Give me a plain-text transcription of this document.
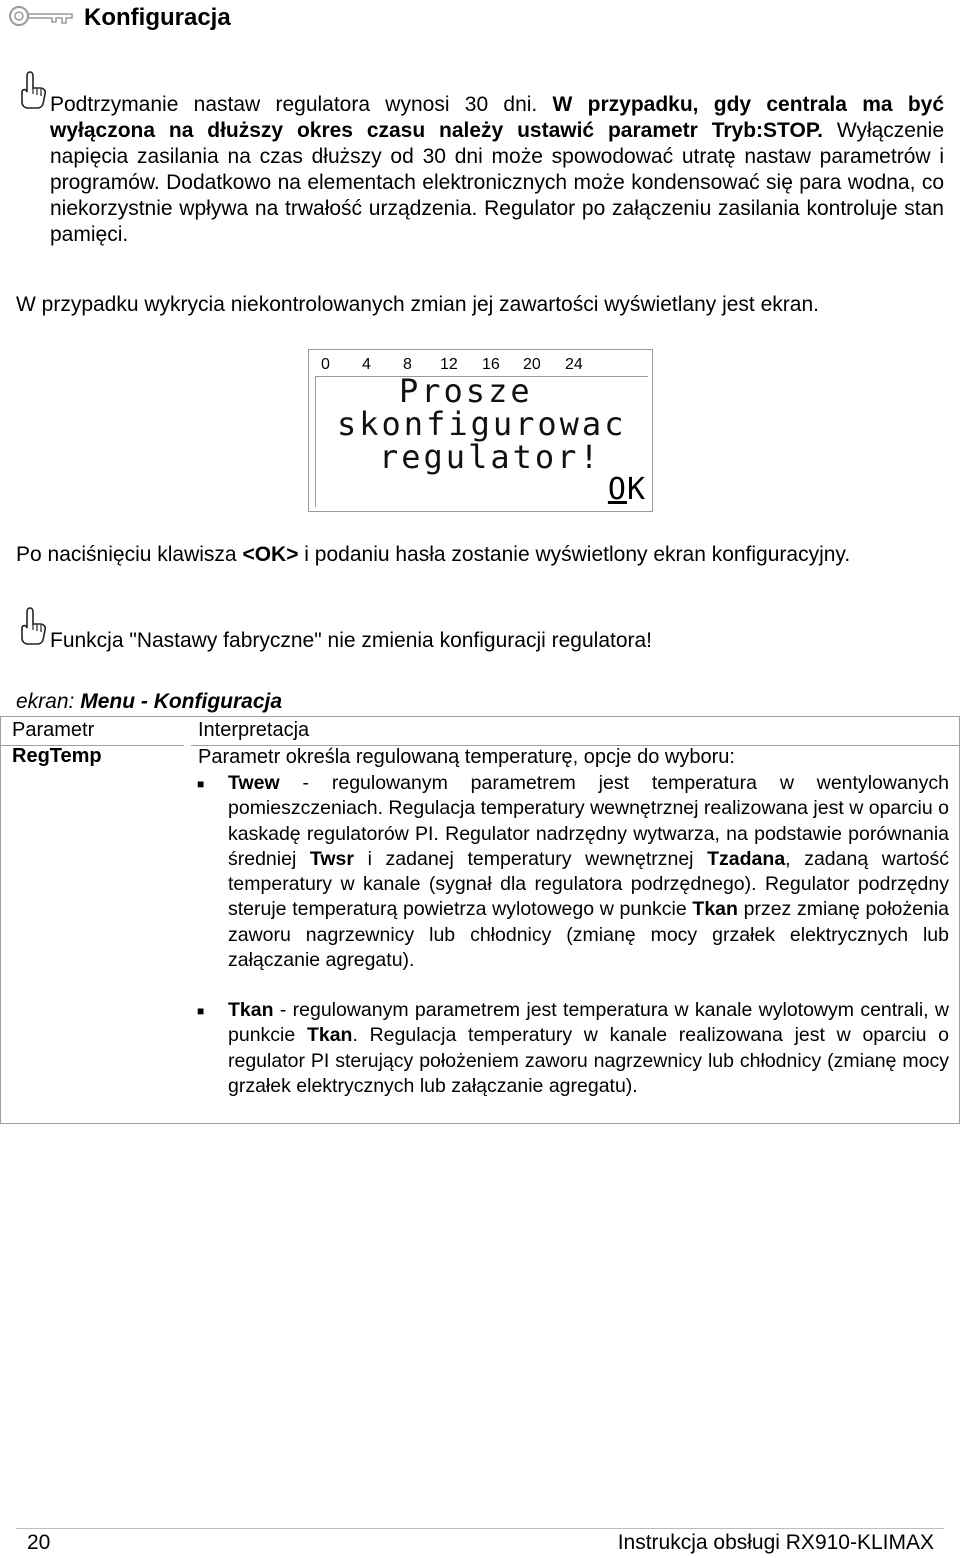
Konfiguracja
Podtrzymanie nastaw regulatora wynosi 30 dni. W przypadku, gdy centrala ma być wyłączona na dłuższy okres czasu należy ustawić parametr Tryb:STOP. Wyłączenie napięcia zasilania na czas dłuższy od 30 dni może spowodować utratę nastaw parametrów i programów. Dodatkowo na elementach elektronicznych może kondensować się para wodna, co niekorzystnie wpływa na trwałość urządzenia. Regulator po załączeniu zasilania kontroluje stan pamięci.
W przypadku wykrycia niekontrolowanych zmian jej zawartości wyświetlany jest ekran.
0 4 8 12 16 20 24
Prosze
skonfigurowac
regulator!
OK
Po naciśnięciu klawisza <OK> i podaniu hasła zostanie wyświetlony ekran konfiguracyjny.
Funkcja "Nastawy fabryczne" nie zmienia konfiguracji regulatora!
ekran: Menu - Konfiguracja
Parametr	Interpretacja
RegTemp	Parametr określa regulowaną temperaturę, opcje do wyboru:
■ Twew - regulowanym parametrem jest temperatura w wentylowanych pomieszczeniach. Regulacja temperatury wewnętrznej realizowana jest w oparciu o kaskadę regulatorów PI. Regulator nadrzędny wytwarza, na podstawie porównania średniej Twsr i zadanej temperatury wewnętrznej Tzadana, zadaną wartość temperatury w kanale (sygnał dla regulatora podrzędnego). Regulator podrzędny steruje temperaturą powietrza wylotowego w punkcie Tkan przez zmianę położenia zaworu nagrzewnicy lub chłodnicy (zmianę mocy grzałek elektrycznych lub załączanie agregatu).
■ Tkan - regulowanym parametrem jest temperatura w kanale wylotowym centrali, w punkcie Tkan. Regulacja temperatury w kanale realizowana jest w oparciu o regulator PI sterujący położeniem zaworu nagrzewnicy lub chłodnicy (zmianę mocy grzałek elektrycznych lub załączanie agregatu).
20	Instrukcja obsługi RX910-KLIMAX
